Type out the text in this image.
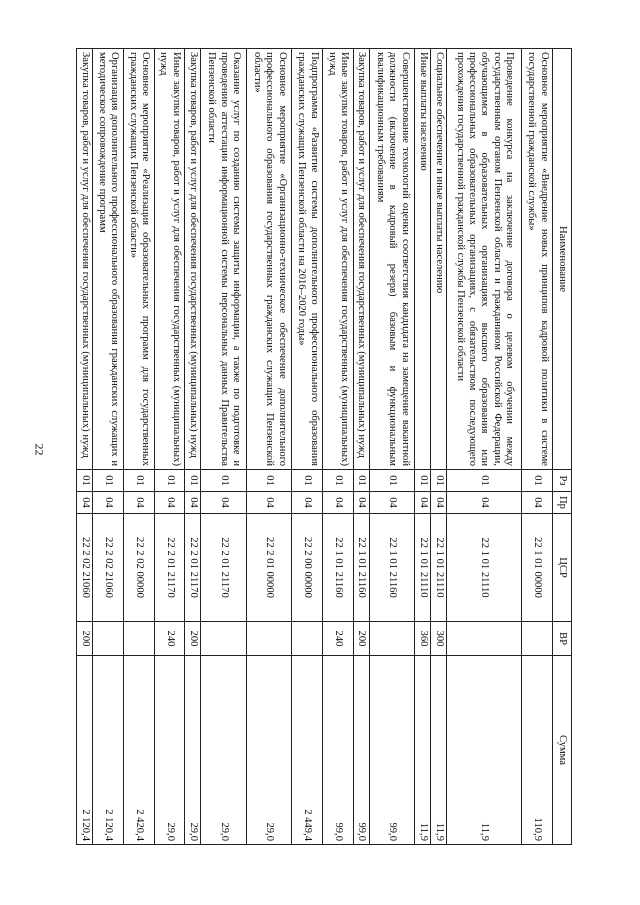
22
Наименование	Рз	Пр	ЦСР	ВР	Сумма
Основное мероприятие «Внедрение новых принципов кадровой политики в системе государственной гражданской службы»	01	04	22 1 01 00000		110,9
Проведение конкурса на заключение договора о целевом обучении между государственным органом Пензенской области и гражданином Российской Федерации, обучающимся в образовательных организациях высшего образования или профессиональных образовательных организациях, с обязательством последующего прохождения государственной гражданской службы Пензенской области	01	04	22 1 01 21110		11,9
Социальное обеспечение и иные выплаты населению	01	04	22 1 01 21110	300	11,9
Иные выплаты населению	01	04	22 1 01 21110	360	11,9
Совершенствование технологий оценки соответствия кандидата на замещение вакантной должности (включение в кадровый резерв) базовым и функциональным квалификационным требованиям	01	04	22 1 01 21160		99,0
Закупка товаров, работ и услуг для обеспечения государственных (муниципальных) нужд	01	04	22 1 01 21160	200	99,0
Иные закупки товаров, работ и услуг для обеспечения государственных (муниципальных) нужд	01	04	22 1 01 21160	240	99,0
Подпрограмма «Развитие системы дополнительного профессионального образования гражданских служащих Пензенской области на 2016–2020 годы»	01	04	22 2 00 00000		2 449,4
Основное мероприятие «Организационно-техническое обеспечение дополнительного профессионального образования государственных гражданских служащих Пензенской области»	01	04	22 2 01 00000		29,0
Оказание услуг по созданию системы защиты информации, а также по подготовке и проведению аттестации информационной системы персональных данных Правительства Пензенской области	01	04	22 2 01 21170		29,0
Закупка товаров, работ и услуг для обеспечения государственных (муниципальных) нужд	01	04	22 2 01 21170	200	29,0
Иные закупки товаров, работ и услуг для обеспечения государственных (муниципальных) нужд	01	04	22 2 01 21170	240	29,0
Основное мероприятие «Реализация образовательных программ для государственных гражданских служащих Пензенской области»	01	04	22 2 02 00000		2 420,4
Организация дополнительного профессионального образования гражданских служащих и методическое сопровождение программ	01	04	22 2 02 21060		2 120,4
Закупка товаров, работ и услуг для обеспечения государственных (муниципальных) нужд	01	04	22 2 02 21060	200	2 120,4
